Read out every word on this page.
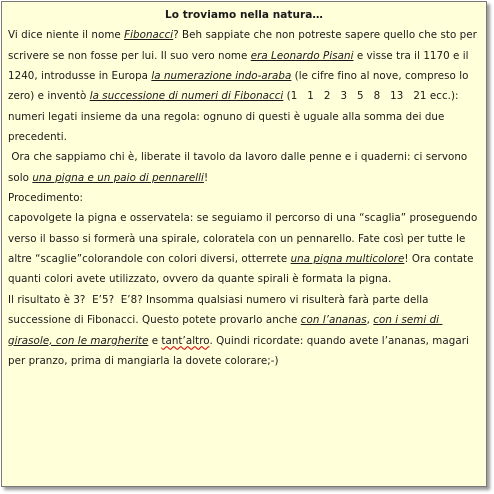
Lo troviamo nella natura…

Vi dice niente il nome Fibonacci? Beh sappiate che non potreste sapere quello che sto per scrivere se non fosse per lui. Il suo vero nome era Leonardo Pisani e visse tra il 1170 e il 1240, introdusse in Europa la numerazione indo-araba (le cifre fino al nove, compreso lo zero) e inventò la successione di numeri di Fibonacci (1   1   2   3   5   8   13   21 ecc.): numeri legati insieme da una regola: ognuno di questi è uguale alla somma dei due precedenti.

Ora che sappiamo chi è, liberate il tavolo da lavoro dalle penne e i quaderni: ci servono solo una pigna e un paio di pennarelli!

Procedimento:

capovolgete la pigna e osservatela: se seguiamo il percorso di una “scaglia” proseguendo verso il basso si formerà una spirale, coloratela con un pennarello. Fate così per tutte le altre “scaglie”colorandole con colori diversi, otterrete una pigna multicolore! Ora contate quanti colori avete utilizzato, ovvero da quante spirali è formata la pigna.

Il risultato è 3?  E’5?  E’8? Insomma qualsiasi numero vi risulterà farà parte della successione di Fibonacci. Questo potete provarlo anche con l’ananas, con i semi di girasole, con le margherite e tant’altro. Quindi ricordate: quando avete l’ananas, magari per pranzo, prima di mangiarla la dovete colorare;-)
